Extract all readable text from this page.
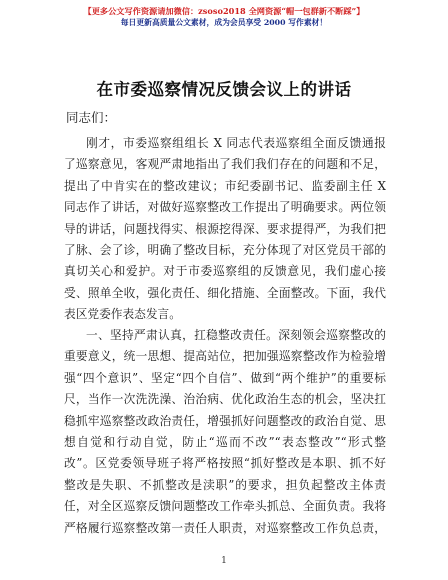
【更多公文写作资源请加微信：zsoso2018 全网资源“帽一包群新不断踩”】
每日更新高质量公文素材，成为会员享受 2000 写作素材！
在市委巡察情况反馈会议上的讲话
同志们：
刚才，市委巡察组组长 X 同志代表巡察组全面反馈通报
了巡察意见，客观严肃地指出了我们我们存在的问题和不足，
提出了中肯实在的整改建议；市纪委副书记、监委副主任 X
同志作了讲话，对做好巡察整改工作提出了明确要求。两位领
导的讲话，问题找得实、根源挖得深、要求提得严，为我们把
了脉、会了诊，明确了整改目标，充分体现了对区党员干部的
真切关心和爱护。对于市委巡察组的反馈意见，我们虚心接
受、照单全收，强化责任、细化措施、全面整改。下面，我代
表区党委作表态发言。
一、坚持严肃认真，扛稳整改责任。深刻领会巡察整改的
重要意义，统一思想、提高站位，把加强巡察整改作为检验增
强“四个意识”、坚定“四个自信”、做到“两个维护”的重要标
尺，当作一次洗洗澡、治治病、优化政治生态的机会，坚决扛
稳抓牢巡察整改政治责任，增强抓好问题整改的政治自觉、思
想自觉和行动自觉，防止“巡而不改”“表态整改”“形式整
改”。区党委领导班子将严格按照“抓好整改是本职、抓不好
整改是失职、不抓整改是渎职”的要求，担负起整改主体责
任，对全区巡察反馈问题整改工作牵头抓总、全面负责。我将
严格履行巡察整改第一责任人职责，对巡察整改工作负总责，
1
